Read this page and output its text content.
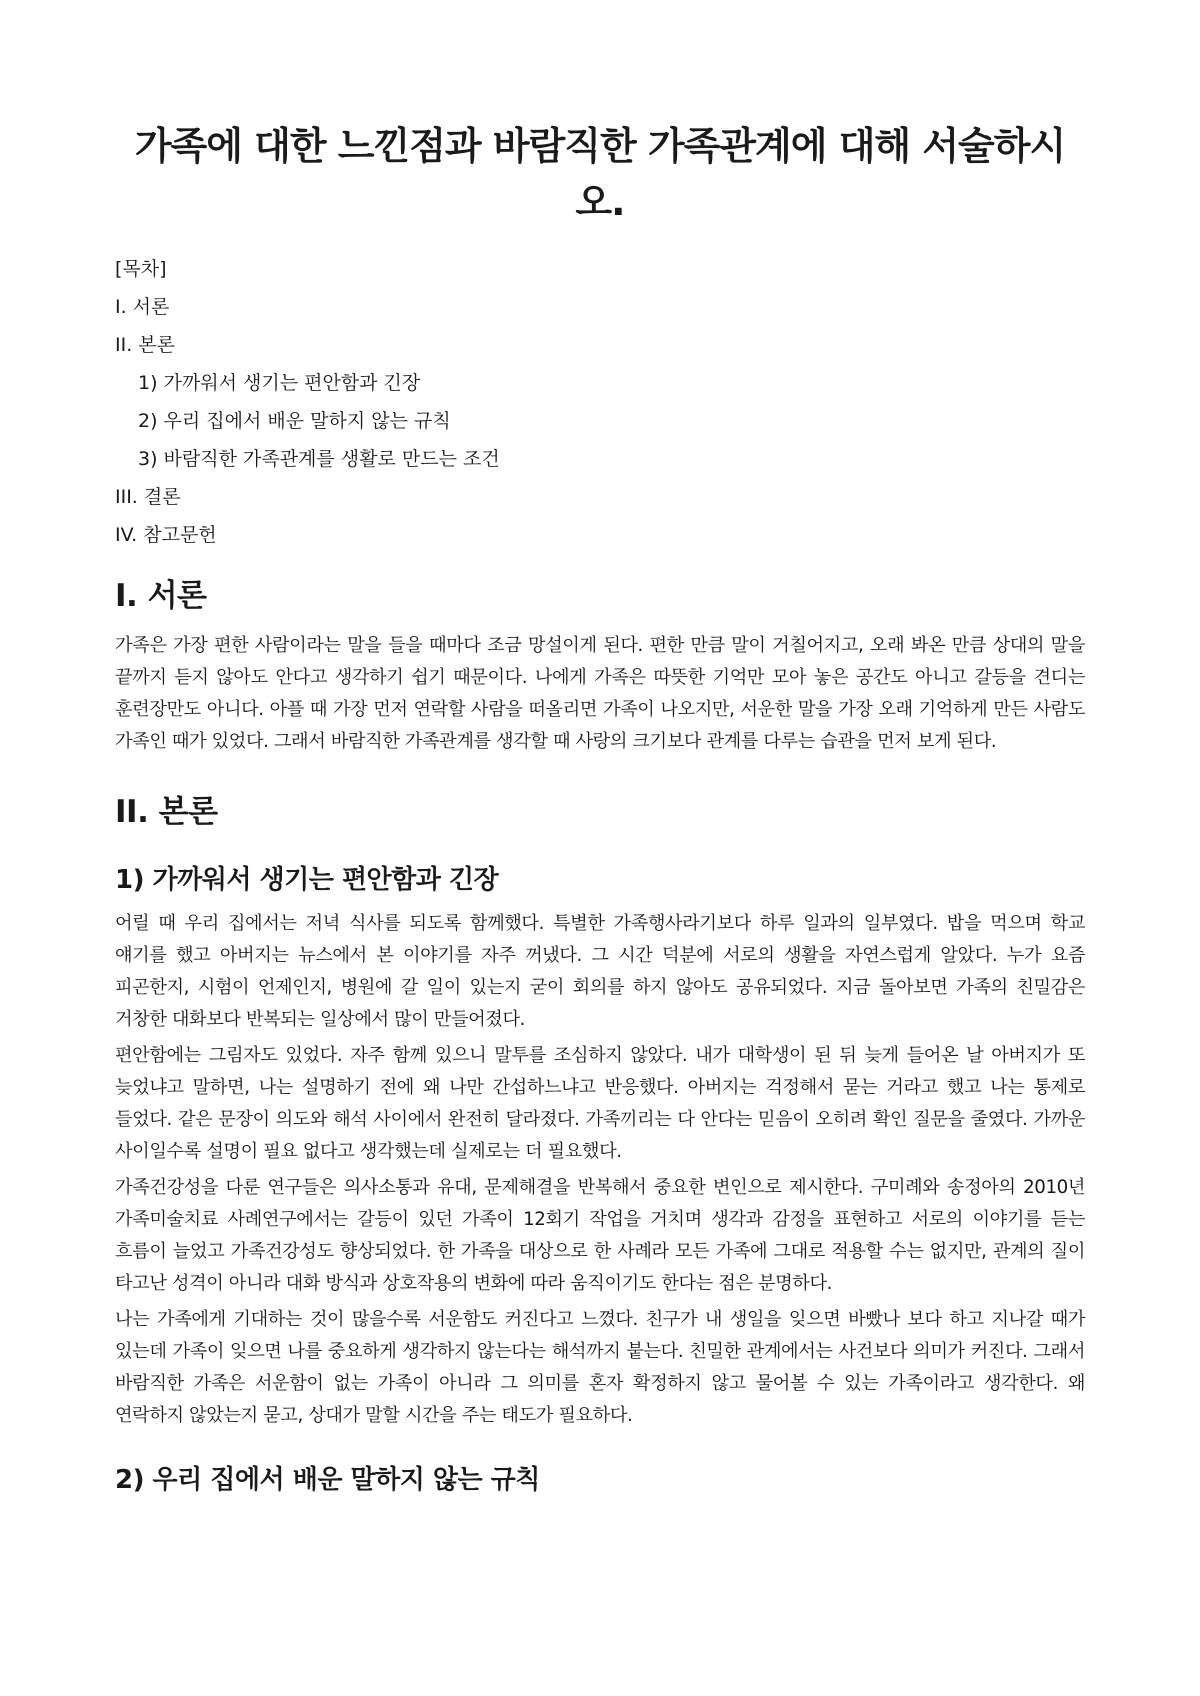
가족에 대한 느낀점과 바람직한 가족관계에 대해 서술하시오.
[목차]
I. 서론
II. 본론
1) 가까워서 생기는 편안함과 긴장
2) 우리 집에서 배운 말하지 않는 규칙
3) 바람직한 가족관계를 생활로 만드는 조건
III. 결론
IV. 참고문헌
I. 서론

가족은 가장 편한 사람이라는 말을 들을 때마다 조금 망설이게 된다. 편한 만큼 말이 거칠어지고, 오래 봐온 만큼 상대의 말을 끝까지 듣지 않아도 안다고 생각하기 쉽기 때문이다. 나에게 가족은 따뜻한 기억만 모아 놓은 공간도 아니고 갈등을 견디는 훈련장만도 아니다. 아플 때 가장 먼저 연락할 사람을 떠올리면 가족이 나오지만, 서운한 말을 가장 오래 기억하게 만든 사람도 가족인 때가 있었다. 그래서 바람직한 가족관계를 생각할 때 사랑의 크기보다 관계를 다루는 습관을 먼저 보게 된다.

II. 본론
1) 가까워서 생기는 편안함과 긴장

어릴 때 우리 집에서는 저녁 식사를 되도록 함께했다. 특별한 가족행사라기보다 하루 일과의 일부였다. 밥을 먹으며 학교 얘기를 했고 아버지는 뉴스에서 본 이야기를 자주 꺼냈다. 그 시간 덕분에 서로의 생활을 자연스럽게 알았다. 누가 요즘 피곤한지, 시험이 언제인지, 병원에 갈 일이 있는지 굳이 회의를 하지 않아도 공유되었다. 지금 돌아보면 가족의 친밀감은 거창한 대화보다 반복되는 일상에서 많이 만들어졌다.

편안함에는 그림자도 있었다. 자주 함께 있으니 말투를 조심하지 않았다. 내가 대학생이 된 뒤 늦게 들어온 날 아버지가 또 늦었냐고 말하면, 나는 설명하기 전에 왜 나만 간섭하느냐고 반응했다. 아버지는 걱정해서 묻는 거라고 했고 나는 통제로 들었다. 같은 문장이 의도와 해석 사이에서 완전히 달라졌다. 가족끼리는 다 안다는 믿음이 오히려 확인 질문을 줄였다. 가까운 사이일수록 설명이 필요 없다고 생각했는데 실제로는 더 필요했다.

가족건강성을 다룬 연구들은 의사소통과 유대, 문제해결을 반복해서 중요한 변인으로 제시한다. 구미례와 송정아의 2010년 가족미술치료 사례연구에서는 갈등이 있던 가족이 12회기 작업을 거치며 생각과 감정을 표현하고 서로의 이야기를 듣는 흐름이 늘었고 가족건강성도 향상되었다. 한 가족을 대상으로 한 사례라 모든 가족에 그대로 적용할 수는 없지만, 관계의 질이 타고난 성격이 아니라 대화 방식과 상호작용의 변화에 따라 움직이기도 한다는 점은 분명하다.

나는 가족에게 기대하는 것이 많을수록 서운함도 커진다고 느꼈다. 친구가 내 생일을 잊으면 바빴나 보다 하고 지나갈 때가 있는데 가족이 잊으면 나를 중요하게 생각하지 않는다는 해석까지 붙는다. 친밀한 관계에서는 사건보다 의미가 커진다. 그래서 바람직한 가족은 서운함이 없는 가족이 아니라 그 의미를 혼자 확정하지 않고 물어볼 수 있는 가족이라고 생각한다. 왜 연락하지 않았는지 묻고, 상대가 말할 시간을 주는 태도가 필요하다.

2) 우리 집에서 배운 말하지 않는 규칙
